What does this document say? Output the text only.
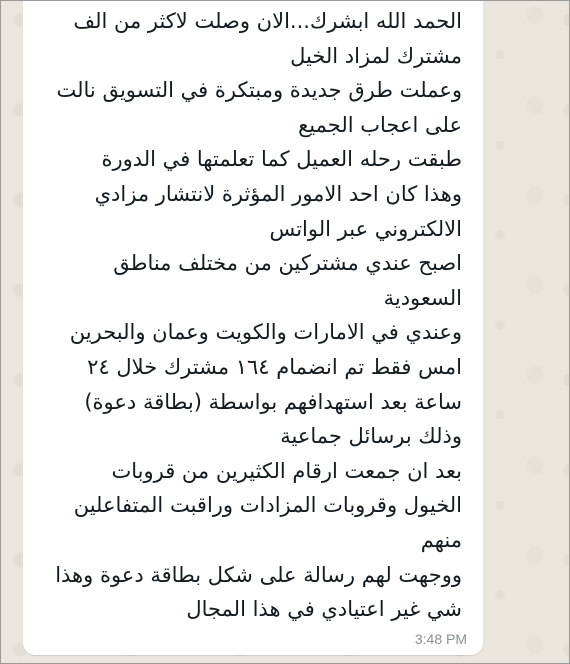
الحمد الله ابشرك...الان وصلت لاكثر من الف
مشترك لمزاد الخيل
وعملت طرق جديدة ومبتكرة في التسويق نالت
على اعجاب الجميع
طبقت رحله العميل كما تعلمتها في الدورة
وهذا كان احد الامور المؤثرة لانتشار مزادي
الالكتروني عبر الواتس
اصبح عندي مشتركين من مختلف مناطق
السعودية
وعندي في الامارات والكويت وعمان والبحرين
امس فقط تم انضمام ١٦٤ مشترك خلال ٢٤
ساعة بعد استهدافهم بواسطة (بطاقة دعوة)
وذلك برسائل جماعية
بعد ان جمعت ارقام الكثيرين من قروبات
الخيول وقروبات المزادات وراقبت المتفاعلين
منهم
ووجهت لهم رسالة على شكل بطاقة دعوة وهذا
شي غير اعتيادي في هذا المجال
3:48 PM
